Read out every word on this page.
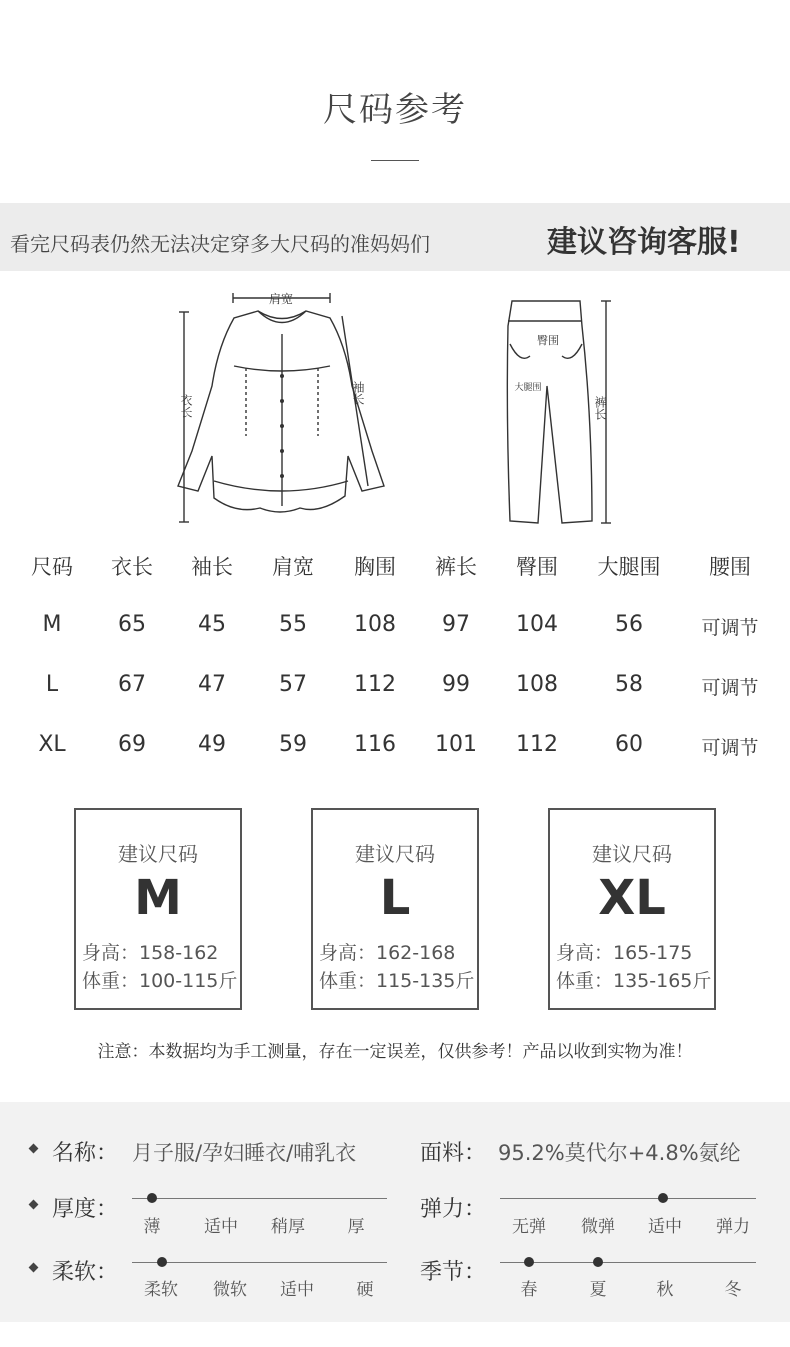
尺码参考
看完尺码表仍然无法决定穿多大尺码的准妈妈们	建议咨询客服!
肩宽
衣长
袖长
臀围
大腿围
裤长
尺码	衣长	袖长	肩宽	胸围	裤长	臀围	大腿围	腰围
M	65	45	55	108	97	104	56	可调节
L	67	47	57	112	99	108	58	可调节
XL	69	49	59	116	101	112	60	可调节
建议尺码
M
身高：158-162
体重：100-115斤
建议尺码
L
身高：162-168
体重：115-135斤
建议尺码
XL
身高：165-175
体重：135-165斤
注意：本数据均为手工测量，存在一定误差，仅供参考！产品以收到实物为准！
名称： 月子服/孕妇睡衣/哺乳衣	面料： 95.2%莫代尔+4.8%氨纶
厚度：
薄	适中	稍厚	厚
弹力：
无弹	微弹	适中	弹力
柔软：
柔软	微软	适中	硬
季节：
春	夏	秋	冬
